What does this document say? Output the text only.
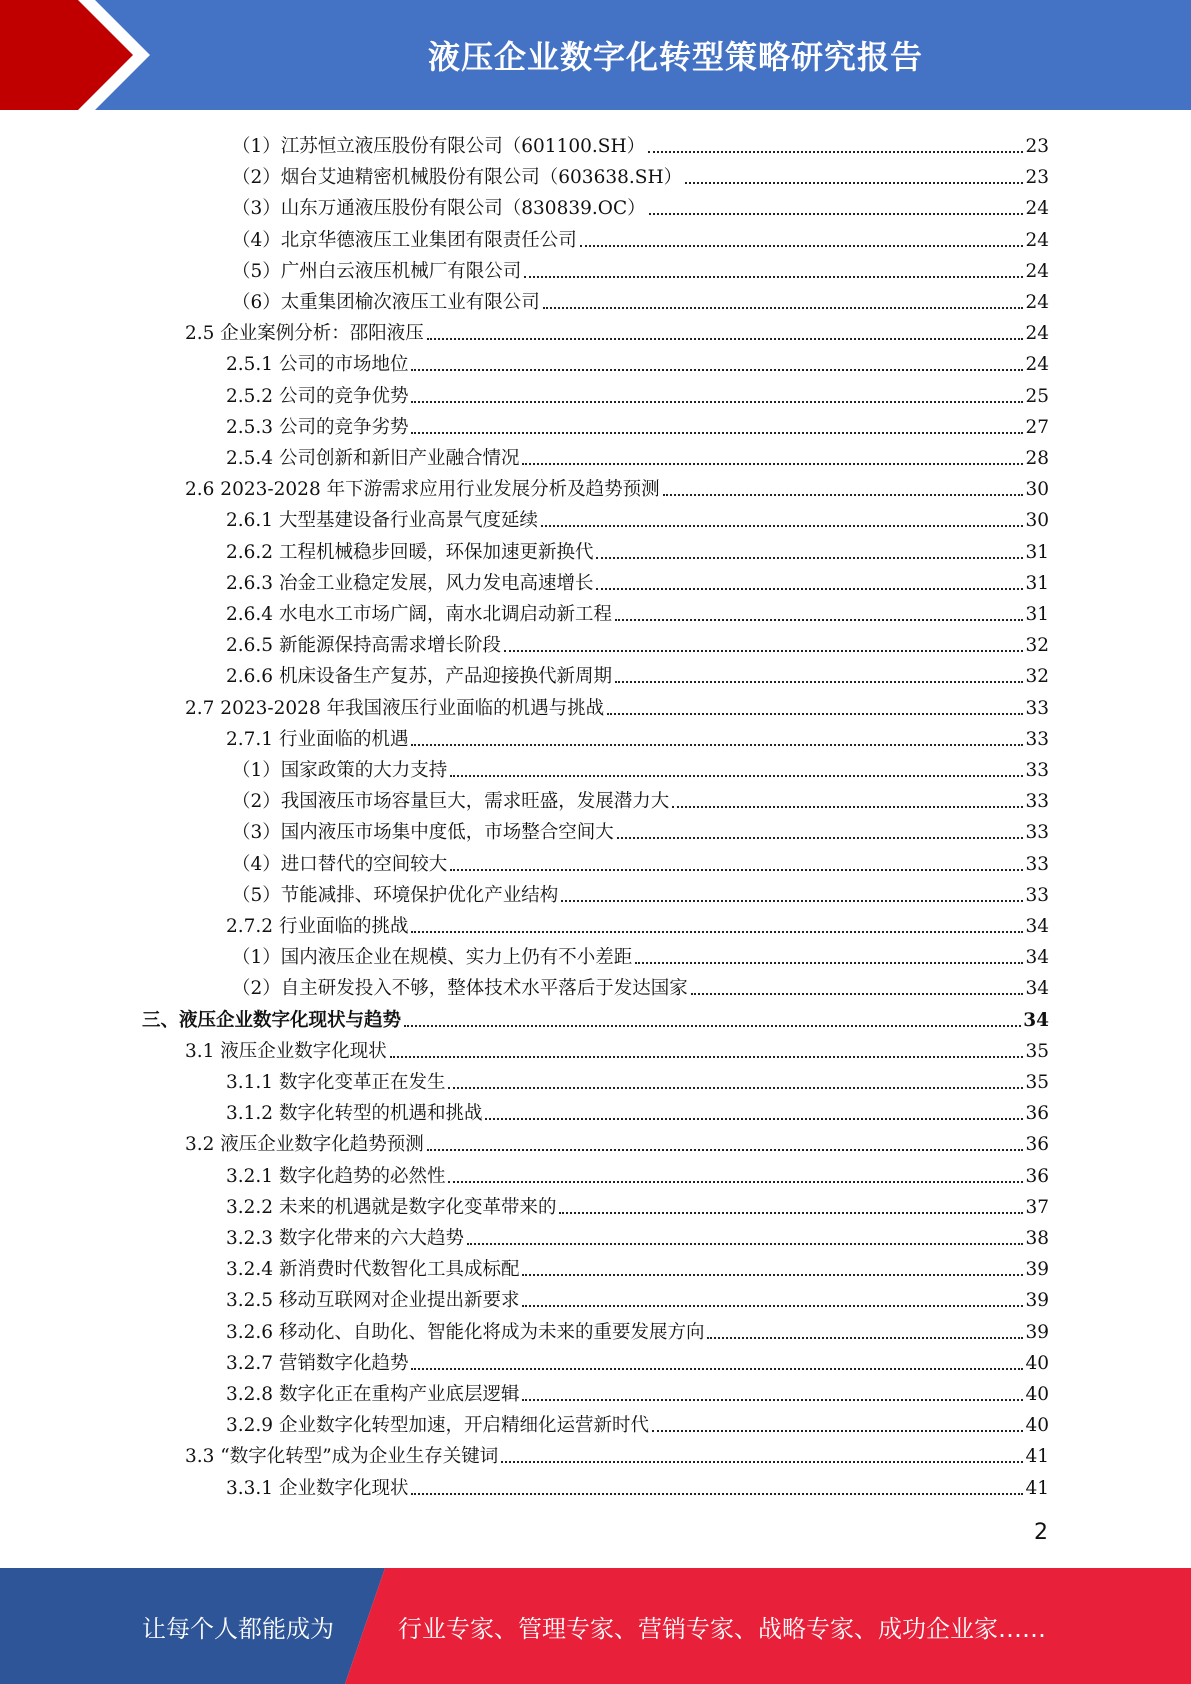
液压企业数字化转型策略研究报告
（1）江苏恒立液压股份有限公司（601100.SH）	23
（2）烟台艾迪精密机械股份有限公司（603638.SH）	23
（3）山东万通液压股份有限公司（830839.OC）	24
（4）北京华德液压工业集团有限责任公司	24
（5）广州白云液压机械厂有限公司	24
（6）太重集团榆次液压工业有限公司	24
2.5 企业案例分析：邵阳液压	24
2.5.1 公司的市场地位	24
2.5.2 公司的竞争优势	25
2.5.3 公司的竞争劣势	27
2.5.4 公司创新和新旧产业融合情况	28
2.6 2023-2028 年下游需求应用行业发展分析及趋势预测	30
2.6.1 大型基建设备行业高景气度延续	30
2.6.2 工程机械稳步回暖，环保加速更新换代	31
2.6.3 冶金工业稳定发展，风力发电高速增长	31
2.6.4 水电水工市场广阔，南水北调启动新工程	31
2.6.5 新能源保持高需求增长阶段	32
2.6.6 机床设备生产复苏，产品迎接换代新周期	32
2.7 2023-2028 年我国液压行业面临的机遇与挑战	33
2.7.1 行业面临的机遇	33
（1）国家政策的大力支持	33
（2）我国液压市场容量巨大，需求旺盛，发展潜力大	33
（3）国内液压市场集中度低，市场整合空间大	33
（4）进口替代的空间较大	33
（5）节能减排、环境保护优化产业结构	33
2.7.2 行业面临的挑战	34
（1）国内液压企业在规模、实力上仍有不小差距	34
（2）自主研发投入不够，整体技术水平落后于发达国家	34
三、液压企业数字化现状与趋势	34
3.1 液压企业数字化现状	35
3.1.1 数字化变革正在发生	35
3.1.2 数字化转型的机遇和挑战	36
3.2 液压企业数字化趋势预测	36
3.2.1 数字化趋势的必然性	36
3.2.2 未来的机遇就是数字化变革带来的	37
3.2.3 数字化带来的六大趋势	38
3.2.4 新消费时代数智化工具成标配	39
3.2.5 移动互联网对企业提出新要求	39
3.2.6 移动化、自助化、智能化将成为未来的重要发展方向	39
3.2.7 营销数字化趋势	40
3.2.8 数字化正在重构产业底层逻辑	40
3.2.9 企业数字化转型加速，开启精细化运营新时代	40
3.3 “数字化转型”成为企业生存关键词	41
3.3.1 企业数字化现状	41
2
让每个人都能成为	行业专家、管理专家、营销专家、战略专家、成功企业家……
